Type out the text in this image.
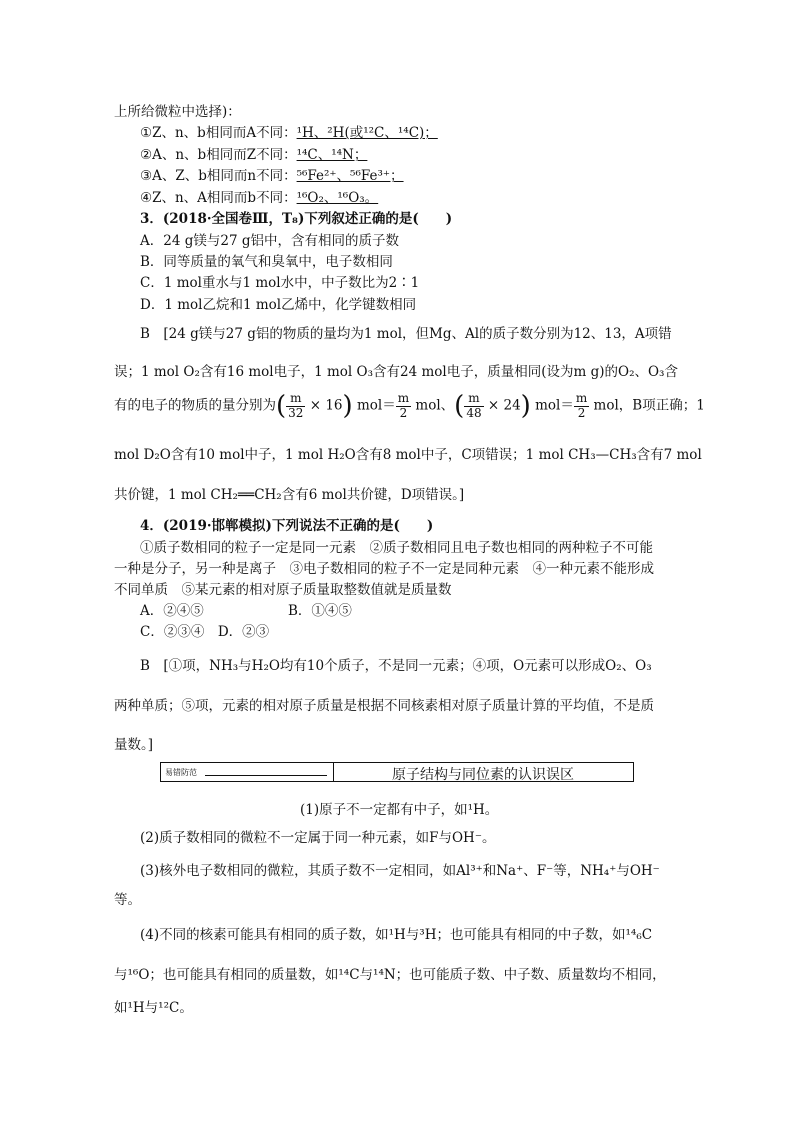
上所给微粒中选择)：
①Z、n、b相同而A不同：¹H、²H(或¹²C、¹⁴C)；
②A、n、b相同而Z不同：¹⁴C、¹⁴N；
③A、Z、b相同而n不同：⁵⁶Fe²⁺、⁵⁶Fe³⁺；
④Z、n、A相同而b不同：¹⁶O₂、¹⁶O₃。
3．(2018·全国卷Ⅲ，T₈)下列叙述正确的是(　　)
A．24 g镁与27 g铝中，含有相同的质子数
B．同等质量的氧气和臭氧中，电子数相同
C．1 mol重水与1 mol水中，中子数比为2∶1
D．1 mol乙烷和1 mol乙烯中，化学键数相同
B　[24 g镁与27 g铝的物质的量均为1 mol，但Mg、Al的质子数分别为12、13，A项错
误；1 mol O₂含有16 mol电子，1 mol O₃含有24 mol电子，质量相同(设为m g)的O₂、O₃含
有的电子的物质的量分别为( $\frac{m}{32} \times 16$) $mol= \frac{m}{2}$ mol、( $\frac{m}{48} \times 24$) $mol= \frac{m}{2}$ mol，B项正确；1
mol D₂O含有10 mol中子，1 mol H₂O含有8 mol中子，C项错误；1 mol CH₃—CH₃含有7 mol
共价键，1 mol CH₂══CH₂含有6 mol共价键，D项错误。]
4．(2019·邯郸模拟)下列说法不正确的是(　　)
①质子数相同的粒子一定是同一元素　②质子数相同且电子数也相同的两种粒子不可能
一种是分子，另一种是离子　③电子数相同的粒子不一定是同种元素　④一种元素不能形成
不同单质　⑤某元素的相对原子质量取整数值就是质量数
A．②④⑤	B．①④⑤
C．②③④　D．②③
B　[①项，NH₃与H₂O均有10个质子，不是同一元素；④项，O元素可以形成O₂、O₃
两种单质；⑤项，元素的相对原子质量是根据不同核素相对原子质量计算的平均值，不是质
量数。]
易错防范	原子结构与同位素的认识误区
(1)原子不一定都有中子，如¹H。
(2)质子数相同的微粒不一定属于同一种元素，如F与OH⁻。
(3)核外电子数相同的微粒，其质子数不一定相同，如Al³⁺和Na⁺、F⁻等，NH₄⁺与OH⁻
等。
(4)不同的核素可能具有相同的质子数，如¹H与³H；也可能具有相同的中子数，如¹⁴₆C
与¹⁶O；也可能具有相同的质量数，如¹⁴C与¹⁴N；也可能质子数、中子数、质量数均不相同，
如¹H与¹²C。
